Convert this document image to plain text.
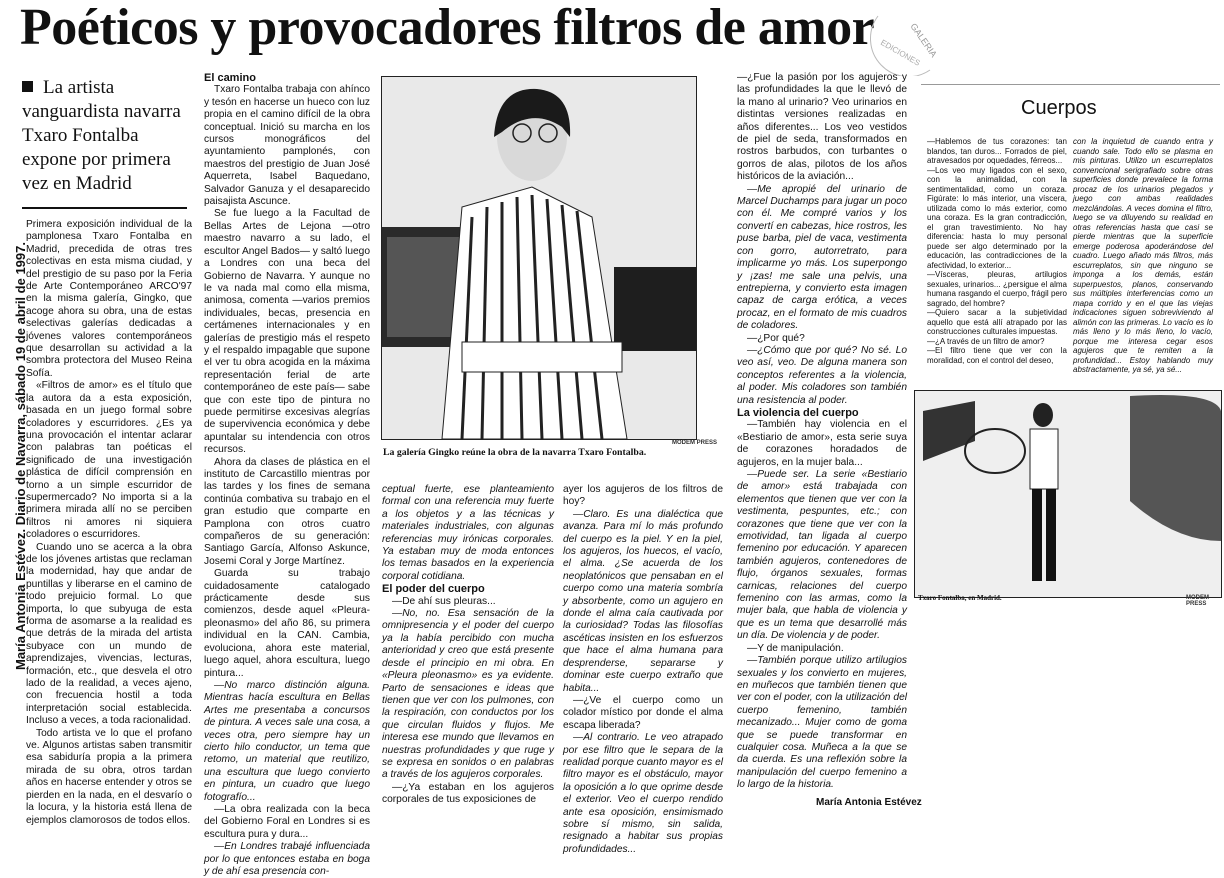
Poéticos y provocadores filtros de amor	GALERIA
EDICIONES
María Antonia Estévez. Diario de Navarra, sábado 19 de abril de 1997.
La artista vanguardista navarra Txaro Fontalba expone por primera vez en Madrid

Primera exposición individual de la pamplonesa Txaro Fontalba en Madrid, precedida de otras tres colectivas en esta misma ciudad, y del prestigio de su paso por la Feria de Arte Contemporáneo ARCO'97 en la misma galería, Gingko, que acoge ahora su obra, una de estas selectivas galerías dedicadas a jóvenes valores contemporáneos que desarrollan su actividad a la sombra protectora del Museo Reina Sofía.

«Filtros de amor» es el título que la autora da a esta exposición, basada en un juego formal sobre coladores y escurridores. ¿Es ya una provocación el intentar aclarar con palabras tan poéticas el significado de una investigación plástica de difícil comprensión en torno a un simple escurridor de supermercado? No importa si a la primera mirada allí no se perciben filtros ni amores ni siquiera coladores o escurridores.

Cuando uno se acerca a la obra de los jóvenes artistas que reclaman la modernidad, hay que andar de puntillas y liberarse en el camino de todo prejuicio formal. Lo que importa, lo que subyuga de esta forma de asomarse a la realidad es que detrás de la mirada del artista subyace con un mundo de aprendizajes, vivencias, lecturas, formación, etc., que desvela el otro lado de la realidad, a veces ajeno, con frecuencia hostil a toda interpretación social establecida. Incluso a veces, a toda racionalidad.

Todo artista ve lo que el profano ve. Algunos artistas saben transmitir esa sabiduría propia a la primera mirada de su obra, otros tardan años en hacerse entender y otros se pierden en la nada, en el desvarío o la locura, y la historia está llena de ejemplos clamorosos de todos ellos.

El camino

Txaro Fontalba trabaja con ahínco y tesón en hacerse un hueco con luz propia en el camino difícil de la obra conceptual. Inició su marcha en los cursos monográficos del ayuntamiento pamplonés, con maestros del prestigio de Juan José Aquerreta, Isabel Baquedano, Salvador Ganuza y el desaparecido paisajista Ascunce.

Se fue luego a la Facultad de Bellas Artes de Lejona —otro maestro navarro a su lado, el escultor Angel Bados— y saltó luego a Londres con una beca del Gobierno de Navarra. Y aunque no le va nada mal como ella misma, animosa, comenta —varios premios individuales, becas, presencia en certámenes internacionales y en galerías de prestigio más el respeto y el respaldo impagable que supone el ver tu obra acogida en la máxima representación ferial de arte contemporáneo de este país— sabe que con este tipo de pintura no puede permitirse excesivas alegrías de supervivencia económica y debe apuntalar su intendencia con otros recursos.

Ahora da clases de plástica en el instituto de Carcastillo mientras por las tardes y los fines de semana continúa combativa su trabajo en el gran estudio que comparte en Pamplona con otros cuatro compañeros de su generación: Santiago García, Alfonso Askunce, Josemi Coral y Jorge Martínez.

Guarda su trabajo cuidadosamente catalogado prácticamente desde sus comienzos, desde aquel «Pleura-pleonasmo» del año 86, su primera individual en la CAN. Cambia, evoluciona, ahora este material, luego aquel, ahora escultura, luego pintura...

—No marco distinción alguna. Mientras hacía escultura en Bellas Artes me presentaba a concursos de pintura. A veces sale una cosa, a veces otra, pero siempre hay un cierto hilo conductor, un tema que retomo, un material que reutilizo, una escultura que luego convierto en pintura, un cuadro que luego fotografío...

—La obra realizada con la beca del Gobierno Foral en Londres si es escultura pura y dura...

—En Londres trabajé influenciada por lo que entonces estaba en boga y de ahí esa presencia con-

La galería Gingko reúne la obra de la navarra Txaro Fontalba.
MODEM PRESS

ceptual fuerte, ese planteamiento formal con una referencia muy fuerte a los objetos y a las técnicas y materiales industriales, con algunas referencias muy irónicas corporales. Ya estaban muy de moda entonces los temas basados en la experiencia corporal cotidiana.

El poder del cuerpo

—De ahí sus pleuras...

—No, no. Esa sensación de la omnipresencia y el poder del cuerpo ya la había percibido con mucha anterioridad y creo que está presente desde el principio en mi obra. En «Pleura pleonasmo» es ya evidente. Parto de sensaciones e ideas que tienen que ver con los pulmones, con la respiración, con conductos por los que circulan fluidos y flujos. Me interesa ese mundo que llevamos en nuestras profundidades y que ruge y se expresa en sonidos o en palabras a través de los agujeros corporales.

—¿Ya estaban en los agujeros corporales de tus exposiciones de

ayer los agujeros de los filtros de hoy?

—Claro. Es una dialéctica que avanza. Para mí lo más profundo del cuerpo es la piel. Y en la piel, los agujeros, los huecos, el vacío, el alma. ¿Se acuerda de los neoplatónicos que pensaban en el cuerpo como una materia sombría y absorbente, como un agujero en donde el alma caía cautivada por la curiosidad? Todas las filosofías ascéticas insisten en los esfuerzos que hace el alma humana para desprenderse, separarse y dominar este cuerpo extraño que habita...

—¿Ve el cuerpo como un colador místico por donde el alma escapa liberada?

—Al contrario. Le veo atrapado por ese filtro que le separa de la realidad porque cuanto mayor es el filtro mayor es el obstáculo, mayor la oposición a lo que oprime desde el exterior. Veo el cuerpo rendido ante esa oposición, ensimismado sobre sí mismo, sin salida, resignado a habitar sus propias profundidades...

—¿Fue la pasión por los agujeros y las profundidades la que le llevó de la mano al urinario? Veo urinarios en distintas versiones realizadas en años diferentes... Los veo vestidos de piel de seda, transformados en rostros barbudos, con turbantes o gorros de alas, pilotos de los años históricos de la aviación...

—Me apropié del urinario de Marcel Duchamps para jugar un poco con él. Me compré varios y los convertí en cabezas, hice rostros, les puse barba, piel de vaca, vestimenta con gorro, autorretrato, para implicarme yo más. Los superpongo y ¡zas! me sale una pelvis, una entrepierna, y convierto esta imagen capaz de carga erótica, a veces procaz, en el formato de mis cuadros de coladores.

—¿Por qué?

—¿Cómo que por qué? No sé. Lo veo así, veo. De alguna manera son conceptos referentes a la violencia, al poder. Mis coladores son también una resistencia al poder.

La violencia del cuerpo

—También hay violencia en el «Bestiario de amor», esta serie suya de corazones horadados de agujeros, en la mujer bala...

—Puede ser. La serie «Bestiario de amor» está trabajada con elementos que tienen que ver con la vestimenta, pespuntes, etc.; con corazones que tiene que ver con la emotividad, tan ligada al cuerpo femenino por educación. Y aparecen también agujeros, contenedores de flujo, órganos sexuales, formas carnicas, relaciones del cuerpo femenino con las armas, como la mujer bala, que habla de violencia y que es un tema que desarrollé más un día. De violencia y de poder.

—Y de manipulación.

—También porque utilizo artilugios sexuales y los convierto en mujeres, en muñecos que también tienen que ver con el poder, con la utilización del cuerpo femenino, también mecanizado... Mujer como de goma que se puede transformar en cualquier cosa. Muñeca a la que se da cuerda. Es una reflexión sobre la manipulación del cuerpo femenino a lo largo de la historia.

Cuerpos
—Hablemos de tus corazones: tan blandos, tan duros... Forrados de piel, atravesados por oquedades, férreos...
—Los veo muy ligados con el sexo, con la animalidad, con la sentimentalidad, como un coraza. Figúrate: lo más interior, una víscera, utilizada como lo más exterior, como una coraza. Es la gran contradicción, el gran travestimiento. No hay diferencia: hasta lo muy personal puede ser algo determinado por la educación, las contradicciones de la afectividad, lo exterior...
—Vísceras, pleuras, artilugios sexuales, urinarios... ¿persigue el alma humana rasgando el cuerpo, frágil pero sagrado, del hombre?
—Quiero sacar a la subjetividad aquello que está allí atrapado por las construcciones culturales impuestas.
—¿A través de un filtro de amor?
—El filtro tiene que ver con la moralidad, con el control del deseo,
con la inquietud de cuando entra y cuando sale. Todo ello se plasma en mis pinturas. Utilizo un escurreplatos convencional serigrafiado sobre otras superficies donde prevalece la forma procaz de los urinarios plegados y juego con ambas realidades mezclándolas. A veces domina el filtro, luego se va diluyendo su realidad en otras referencias hasta que casi se pierde mientras que la superficie emerge poderosa apoderándose del cuadro. Luego añado más filtros, más escurreplatos, sin que ninguno se imponga a los demás, están superpuestos, planos, conservando sus múltiples interferencias como un mapa corrido y en el que las viejas indicaciones siguen sobreviviendo al alimón con las primeras. Lo vacío es lo más lleno y lo más lleno, lo vacío, porque me interesa cegar esos agujeros que te remiten a la profundidad... Estoy hablando muy abstractamente, ya sé, ya sé...
Txaro Fontalba, en Madrid.	MODEM PRESS
María Antonia Estévez
